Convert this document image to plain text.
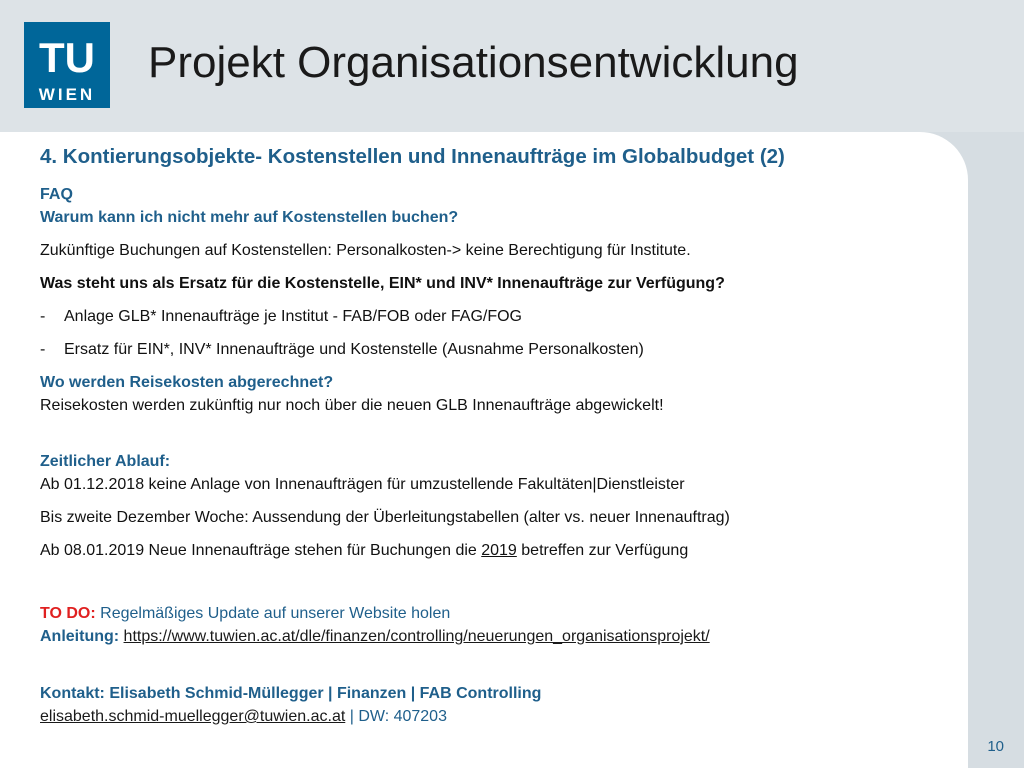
TU
WIEN
Projekt Organisationsentwicklung
4. Kontierungsobjekte- Kostenstellen und Innenaufträge im Globalbudget (2)
FAQ
Warum kann ich nicht mehr auf Kostenstellen buchen?
Zukünftige Buchungen auf Kostenstellen: Personalkosten-> keine Berechtigung für Institute.
Was steht uns als Ersatz für die Kostenstelle, EIN* und INV* Innenaufträge zur Verfügung?
- Anlage GLB* Innenaufträge je Institut - FAB/FOB oder FAG/FOG
- Ersatz für EIN*, INV* Innenaufträge und Kostenstelle (Ausnahme Personalkosten)
Wo werden Reisekosten abgerechnet?
Reisekosten werden zukünftig nur noch über die neuen GLB Innenaufträge abgewickelt!
Zeitlicher Ablauf:
Ab 01.12.2018 keine Anlage von Innenaufträgen für umzustellende Fakultäten|Dienstleister
Bis zweite Dezember Woche: Aussendung der Überleitungstabellen (alter vs. neuer Innenauftrag)
Ab 08.01.2019 Neue Innenaufträge stehen für Buchungen die 2019 betreffen zur Verfügung
TO DO: Regelmäßiges Update auf unserer Website holen
Anleitung: https://www.tuwien.ac.at/dle/finanzen/controlling/neuerungen_organisationsprojekt/
Kontakt: Elisabeth Schmid-Müllegger | Finanzen | FAB Controlling
elisabeth.schmid-muellegger@tuwien.ac.at | DW: 407203
10
